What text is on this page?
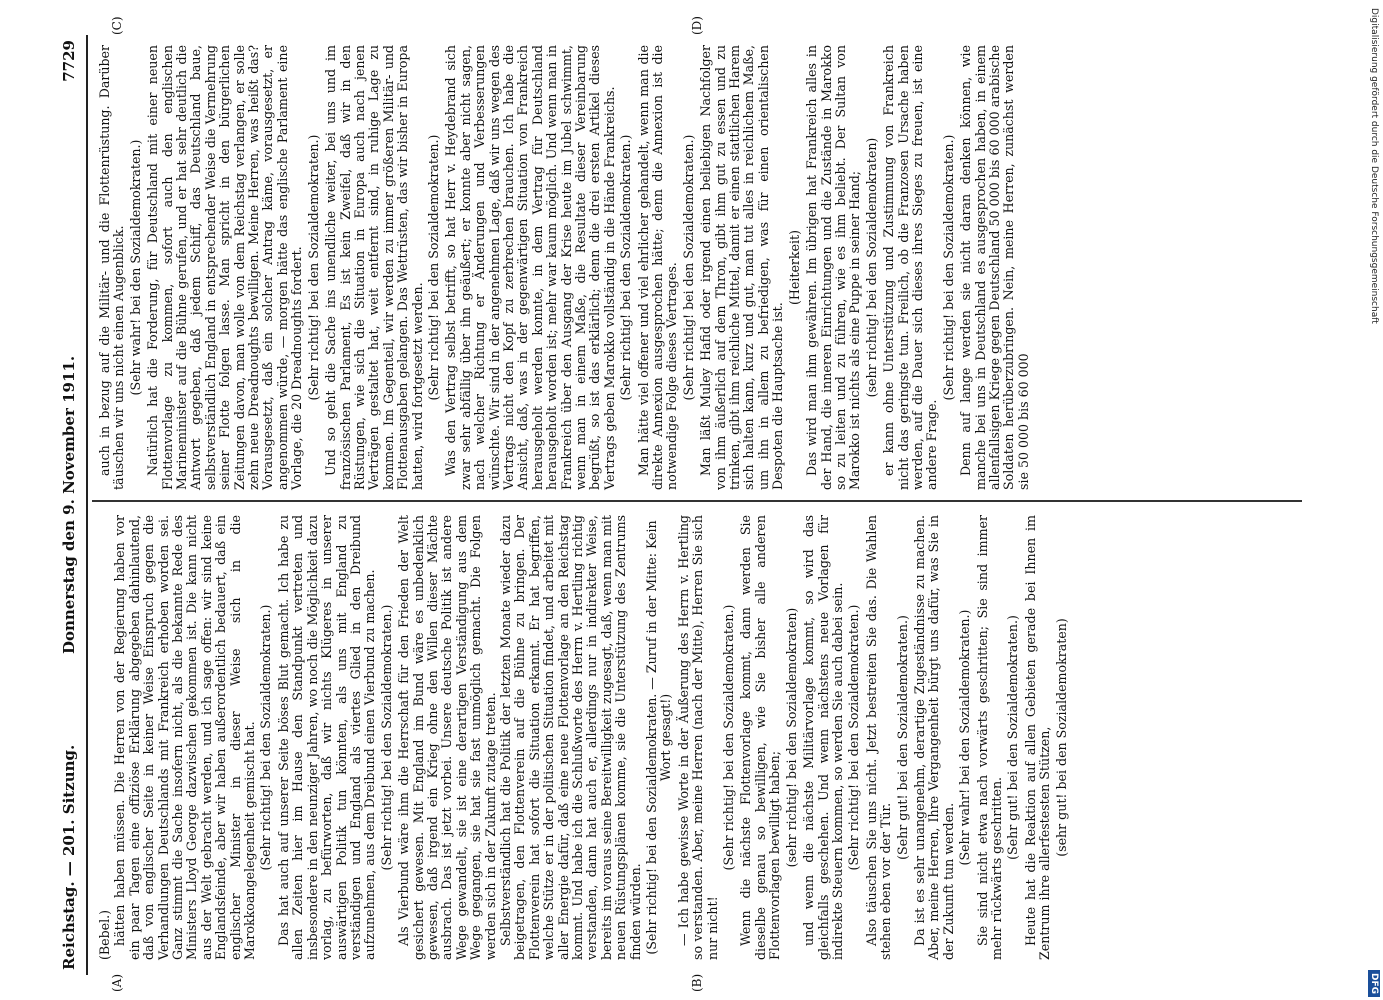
Reichstag. — 201. Sitzung.
Donnerstag den 9. November 1911.
7729
(A)	(B)
(C)	(D)
(Bebel.) hätten haben müssen. Die Herren von der Regierung haben vor ein paar Tagen eine offiziöse Erklärung abgegeben dahinlautend, daß von englischer Seite in keiner Weise Einspruch gegen die Verhandlungen Deutschlands mit Frankreich erhoben worden sei. Ganz stimmt die Sache insofern nicht, als die bekannte Rede des Ministers Lloyd George dazwischen gekommen ist. Die kann nicht aus der Welt gebracht werden, und ich sage offen: wir sind keine Englandsfeinde, aber wir haben außerordentlich bedauert, daß ein englischer Minister in dieser Weise sich in die Marokkoangelegenheit gemischt hat. (Sehr richtig! bei den Sozialdemokraten.) Das hat auch auf unserer Seite böses Blut gemacht. Ich habe zu allen Zeiten hier im Hause den Standpunkt vertreten und insbesondere in den neunziger Jahren, wo noch die Möglichkeit dazu vorlag, zu befürworten, daß wir nichts Klügeres in unserer auswärtigen Politik tun könnten, als uns mit England zu verständigen und England als viertes Glied in den Dreibund aufzunehmen, aus dem Dreibund einen Vierbund zu machen. (Sehr richtig! bei den Sozialdemokraten.) Als Vierbund wäre ihm die Herrschaft für den Frieden der Welt gesichert gewesen. Mit England im Bund wäre es unbedenklich gewesen, daß irgend ein Krieg ohne den Willen dieser Mächte ausbrach. Das ist jetzt vorbei. Unsere deutsche Politik ist andere Wege gewandelt, sie ist eine derartigen Verständigung aus dem Wege gegangen, sie hat sie fast unmöglich gemacht. Die Folgen werden sich in der Zukunft zutage treten. Selbstverständlich hat die Politik der letzten Monate wieder dazu beigetragen, den Flottenverein auf die Bühne zu bringen. Der Flottenverein hat sofort die Situation erkannt. Er hat begriffen, welche Stütze er in der politischen Situation findet, und arbeitet mit aller Energie dafür, daß eine neue Flottenvorlage an den Reichstag kommt. Und habe ich die Schlußworte des Herrn v. Hertling richtig verstanden, dann hat auch er, allerdings nur in indirekter Weise, bereits im voraus seine Bereitwilligkeit zugesagt, daß, wenn man mit neuen Rüstungsplänen komme, sie die Unterstützung des Zentrums finden würden. (Sehr richtig! bei den Sozialdemokraten. — Zuruf in der Mitte: Kein Wort gesagt!) — Ich habe gewisse Worte in der Äußerung des Herrn v. Hertling so verstanden. Aber, meine Herren (nach der Mitte), Herren Sie sich nur nicht!
(Sehr richtig! bei den Sozialdemokraten.) Wenn die nächste Flottenvorlage kommt, dann werden Sie dieselbe genau so bewilligen, wie Sie bisher alle anderen Flottenvorlagen bewilligt haben; (sehr richtig! bei den Sozialdemokraten) und wenn die nächste Militärvorlage kommt, so wird das gleichfalls geschehen. Und wenn nächstens neue Vorlagen für indirekte Steuern kommen, so werden Sie auch dabei sein. (Sehr richtig! bei den Sozialdemokraten.) Also täuschen Sie uns nicht. Jetzt bestreiten Sie das. Die Wahlen stehen eben vor der Tür.
(Sehr gut! bei den Sozialdemokraten.) Da ist es sehr unangenehm, derartige Zugeständnisse zu machen. Aber, meine Herren, Ihre Vergangenheit bürgt uns dafür, was Sie in der Zukunft tun werden.
(Sehr wahr! bei den Sozialdemokraten.) Sie sind nicht etwa nach vorwärts geschritten; Sie sind immer mehr rückwärts geschritten.
(Sehr gut! bei den Sozialdemokraten.) Heute hat die Reaktion auf allen Gebieten gerade bei Ihnen im Zentrum ihre allerfestesten Stützen, (sehr gut! bei den Sozialdemokraten)
auch in bezug auf die Militär- und die Flottenrüstung. Darüber täuschen wir uns nicht einen Augenblick. (Sehr wahr! bei den Sozialdemokraten.) Natürlich hat die Forderung, für Deutschland mit einer neuen Flottenvorlage zu kommen, sofort auch den englischen Marineminister auf die Bühne gerufen, und er hat sehr deutlich die Antwort gegeben, daß jedem Schiff, das Deutschland baue, selbstverständlich England in entsprechender Weise die Vermehrung seiner Flotte folgen lasse. Man spricht in den bürgerlichen Zeitungen davon, man wolle von dem Reichstag verlangen, er solle zehn neue Dreadnoughts bewilligen. Meine Herren, was heißt das? Vorausgesetzt, daß ein solcher Antrag käme, vorausgesetzt, er angenommen würde, — morgen hätte das englische Parlament eine Vorlage, die 20 Dreadnoughts fordert. (Sehr richtig! bei den Sozialdemokraten.) Und so geht die Sache ins unendliche weiter, bei uns und im französischen Parlament, Es ist kein Zweifel, daß wir in den Rüstungen, wie sich die Situation in Europa auch nach jenen Verträgen gestaltet hat, weit entfernt sind, in ruhige Lage zu kommen. Im Gegenteil, wir werden zu immer größeren Militär- und Flottenausgaben gelangen. Das Wettrüsten, das wir bisher in Europa hatten, wird fortgesetzt werden. (Sehr richtig! bei den Sozialdemokraten.) Was den Vertrag selbst betrifft, so hat Herr v. Heydebrand sich zwar sehr abfällig über ihn geäußert; er konnte aber nicht sagen, nach welcher Richtung er Änderungen und Verbesserungen wünschte. Wir sind in der angenehmen Lage, daß wir uns wegen des Vertrags nicht den Kopf zu zerbrechen brauchen. Ich habe die Ansicht, daß, was in der gegenwärtigen Situation von Frankreich herausgeholt werden konnte, in dem Vertrag für Deutschland herausgeholt worden ist; mehr war kaum möglich. Und wenn man in Frankreich über den Ausgang der Krise heute im Jubel schwimmt, wenn man in einem Maße, die Resultate dieser Vereinbarung begrüßt, so ist das erklärlich; denn die drei ersten Artikel dieses Vertrags geben Marokko vollständig in die Hände Frankreichs. (Sehr richtig! bei den Sozialdemokraten.) Man hätte viel offener und viel ehrlicher gehandelt, wenn man die direkte Annexion ausgesprochen hätte; denn die Annexion ist die notwendige Folge dieses Vertrages. (Sehr richtig! bei den Sozialdemokraten.) Man läßt Muley Hafid oder irgend einen beliebigen Nachfolger von ihm äußerlich auf dem Thron, gibt ihm gut zu essen und zu trinken, gibt ihm reichliche Mittel, damit er einen stattlichen Harem sich halten kann, kurz und gut, man tut alles in reichlichem Maße, um ihn in allem zu befriedigen, was für einen orientalischen Despoten die Hauptsache ist.
(Heiterkeit) Das wird man ihm gewähren. Im übrigen hat Frankreich alles in der Hand, die inneren Einrichtungen und die Zustände in Marokko so zu leiten und zu führen, wie es ihm beliebt. Der Sultan von Marokko ist nichts als eine Puppe in seiner Hand; (sehr richtig! bei den Sozialdemokraten) er kann ohne Unterstützung und Zustimmung von Frankreich nicht das geringste tun. Freilich, ob die Franzosen Ursache haben werden, auf die Dauer sich dieses ihres Sieges zu freuen, ist eine andere Frage.
(Sehr richtig! bei den Sozialdemokraten.) Denn auf lange werden sie nicht daran denken können, wie manche bei uns in Deutschland es ausgesprochen haben, in einem allenfallsigen Kriege gegen Deutschland 50 000 bis 60 000 arabische Soldaten herüberzubringen. Nein, meine Herren, zunächst werden sie 50 000 bis 60 000
Digitalisierung gefördert durch die Deutsche Forschungsgemeinschaft
DFG
